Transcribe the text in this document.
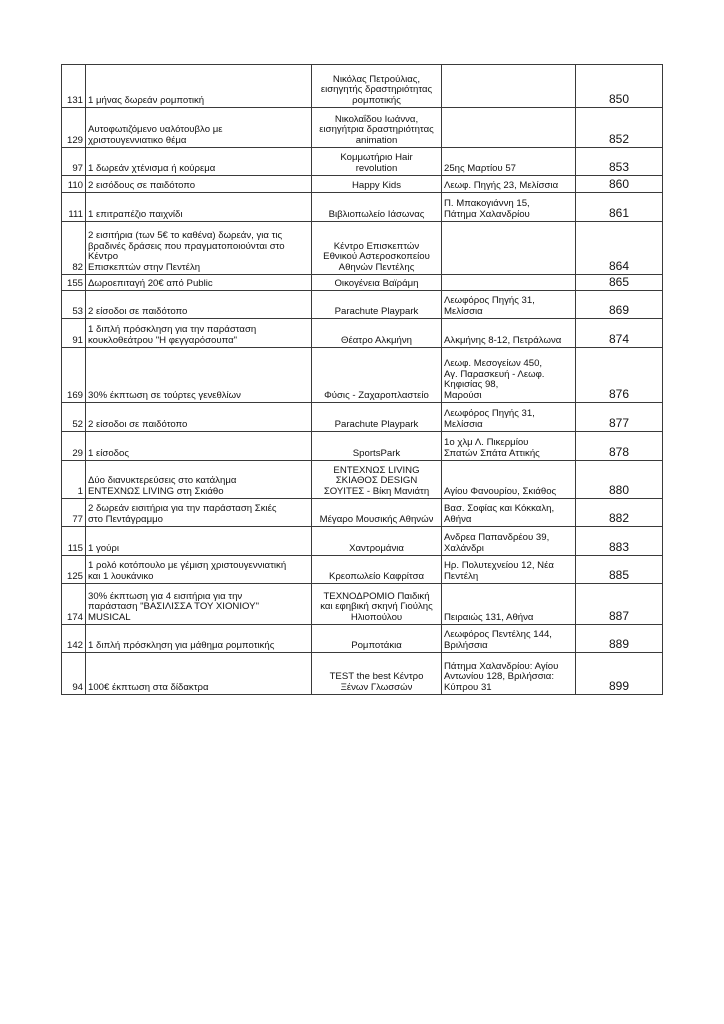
131	1 μήνας δωρεάν ρομποτική	Νικόλας Πετρούλιας,
εισηγητής δραστηριότητας
ρομποτικής		850
129	Αυτοφωτιζόμενο υαλότουβλο με
χριστουγεννιατικο θέμα	Νικολαΐδου Ιωάννα,
εισηγήτρια δραστηριότητας
animation		852
97	1 δωρεάν χτένισμα ή κούρεμα	Κομμωτήριο Hair
revolution	25ης Μαρτίου 57	853
110	2 εισόδους σε παιδότοπο	Happy Kids	Λεωφ. Πηγής 23, Μελίσσια	860
111	1 επιτραπέζιο παιχνίδι	Βιβλιοπωλείο Ιάσωνας	Π. Μπακογιάννη 15,
Πάτημα Χαλανδρίου	861
82	2 εισιτήρια (των 5€ το καθένα) δωρεάν, για τις
βραδινές δράσεις που πραγματοποιούνται στο
Κέντρο
Επισκεπτών στην Πεντέλη	Κέντρο Επισκεπτών
Εθνικού Αστεροσκοπείου
Αθηνών Πεντέλης		864
155	Δωροεπιταγή 20€ από Public	Οικογένεια Βαϊράμη		865
53	2 είσοδοι σε παιδότοπο	Parachute Playpark	Λεωφόρος Πηγής 31,
Μελίσσια	869
91	1 διπλή πρόσκληση για την παράσταση
κουκλοθεάτρου "Η φεγγαρόσουπα"	Θέατρο Αλκμήνη	Αλκμήνης 8-12, Πετράλωνα	874
169	30% έκπτωση σε τούρτες γενεθλίων	Φύσις - Ζαχαροπλαστείο	Λεωφ. Μεσογείων 450,
Αγ. Παρασκευή - Λεωφ.
Κηφισίας 98,
Μαρούσι	876
52	2 είσοδοι σε παιδότοπο	Parachute Playpark	Λεωφόρος Πηγής 31,
Μελίσσια	877
29	1 είσοδος	SportsPark	1ο χλμ Λ. Πικερμίου
Σπατών Σπάτα Αττικής	878
1	Δύο διανυκτερεύσεις στο κατάλημα
ΕΝΤΕΧΝΩΣ LIVING στη Σκιάθο	ΕΝΤΕΧΝΩΣ LIVING
ΣΚΙΑΘΟΣ DESIGN
ΣΟΥΙΤΕΣ - Βίκη Μανιάτη	Αγίου Φανουρίου, Σκιάθος	880
77	2 δωρεάν εισιτήρια για την παράσταση Σκιές
στο Πεντάγραμμο	Μέγαρο Μουσικής Αθηνών	Βασ. Σοφίας και Κόκκαλη,
Αθήνα	882
115	1 γούρι	Χαντρομάνια	Ανδρεα Παπανδρέου 39,
Χαλάνδρι	883
125	1 ρολό κοτόπουλο με γέμιση χριστουγεννιατική
και 1 λουκάνικο	Κρεοπωλείο Καφρίτσα	Ηρ. Πολυτεχνείου 12, Νέα
Πεντέλη	885
174	30% έκπτωση για 4 εισιτήρια για την
παράσταση "ΒΑΣΙΛΙΣΣΑ ΤΟΥ ΧΙΟΝΙΟΥ"
MUSICAL	ΤΕΧΝΟΔΡΟΜΙΟ Παιδική
και εφηβική σκηνή Γιούλης
Ηλιοπούλου	Πειραιώς 131, Αθήνα	887
142	1 διπλή πρόσκληση για μάθημα ρομποτικής	Ρομποτάκια	Λεωφόρος Πεντέλης 144,
Βριλήσσια	889
94	100€ έκπτωση στα δίδακτρα	TEST the best Κέντρο
Ξένων Γλωσσών	Πάτημα Χαλανδρίου: Αγίου
Αντωνίου 128, Βριλήσσια:
Κύπρου 31	899
